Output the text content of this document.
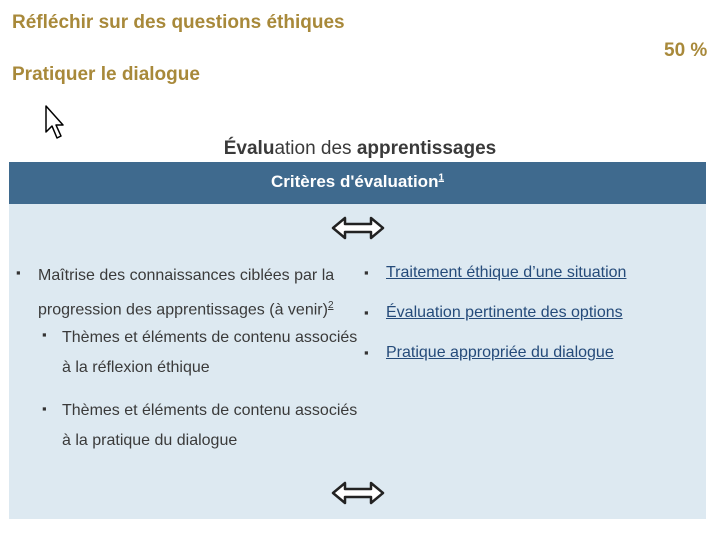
Réfléchir sur des questions éthiques
50 %
Pratiquer le dialogue
Évaluation des apprentissages
Critères d'évaluation$^1$
▪ Maîtrise des connaissances ciblées par la
progression des apprentissages (à venir)$^2$
▪ Thèmes et éléments de contenu associés
à la réflexion éthique
▪ Thèmes et éléments de contenu associés
à la pratique du dialogue
▪ Traitement éthique d’une situation
▪ Évaluation pertinente des options
▪ Pratique appropriée du dialogue
